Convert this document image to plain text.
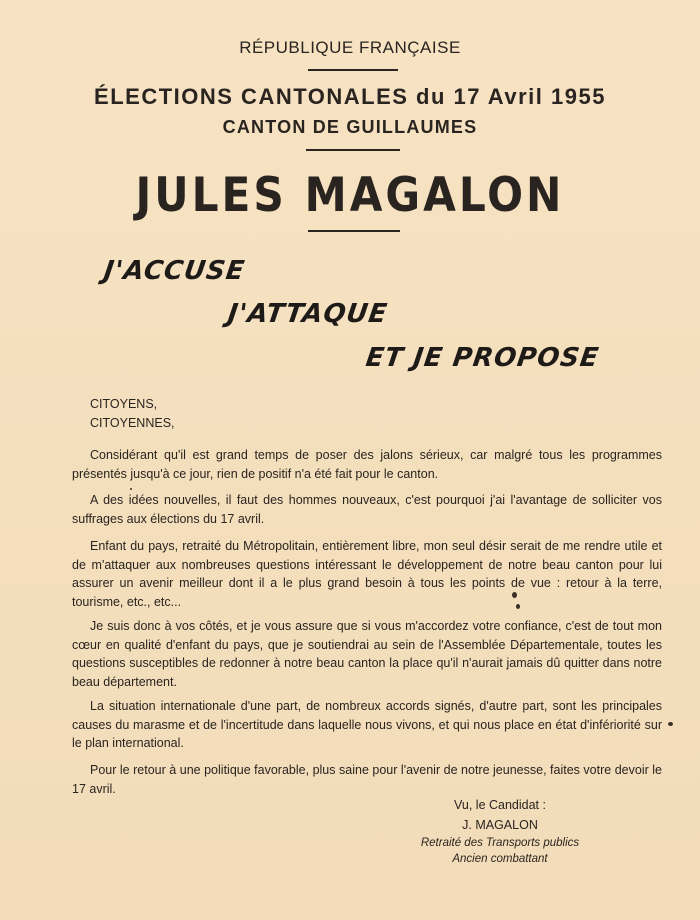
RÉPUBLIQUE FRANÇAISE
ÉLECTIONS CANTONALES du 17 Avril 1955
CANTON DE GUILLAUMES
JULES MAGALON
J'ACCUSE
J'ATTAQUE
ET JE PROPOSE
CITOYENS,
CITOYENNES,
Considérant qu'il est grand temps de poser des jalons sérieux, car malgré tous les programmes présentés jusqu'à ce jour, rien de positif n'a été fait pour le canton.
A des idées nouvelles, il faut des hommes nouveaux, c'est pourquoi j'ai l'avantage de solliciter vos suffrages aux élections du 17 avril.
Enfant du pays, retraité du Métropolitain, entièrement libre, mon seul désir serait de me rendre utile et de m'attaquer aux nombreuses questions intéressant le développement de notre beau canton pour lui assurer un avenir meilleur dont il a le plus grand besoin à tous les points de vue : retour à la terre, tourisme, etc., etc...
Je suis donc à vos côtés, et je vous assure que si vous m'accordez votre confiance, c'est de tout mon cœur en qualité d'enfant du pays, que je soutiendrai au sein de l'Assemblée Départementale, toutes les questions susceptibles de redonner à notre beau canton la place qu'il n'aurait jamais dû quitter dans notre beau département.
La situation internationale d'une part, de nombreux accords signés, d'autre part, sont les principales causes du marasme et de l'incertitude dans laquelle nous vivons, et qui nous place en état d'infériorité sur le plan international.
Pour le retour à une politique favorable, plus saine pour l'avenir de notre jeunesse, faites votre devoir le 17 avril.
Vu, le Candidat :
J. MAGALON
Retraité des Transports publics
Ancien combattant
